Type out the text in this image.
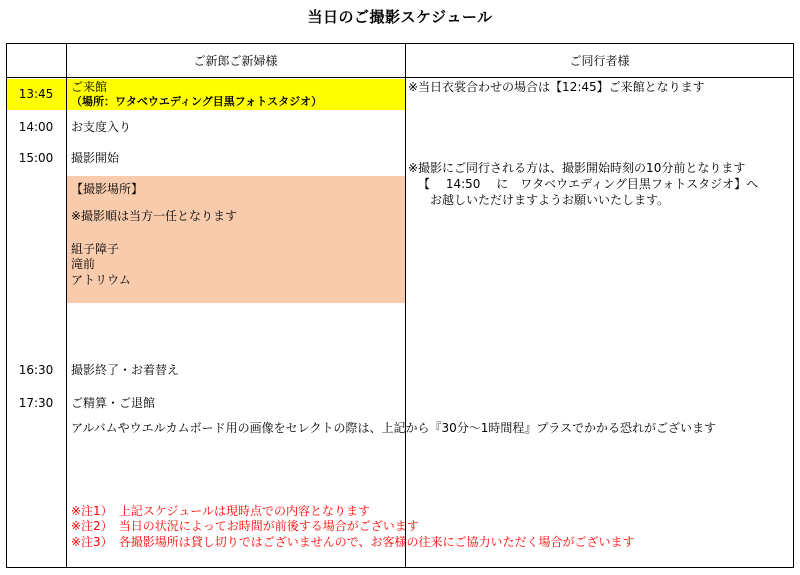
当日のご撮影スケジュール
ご新郎ご新婦様	ご同行者様
13:45
14:00
15:00
16:30
17:30
ご来館
（場所：ワタベウエディング目黒フォトスタジオ）
お支度入り
撮影開始
【撮影場所】
※撮影順は当方一任となります
組子障子
滝前
アトリウム
撮影終了・お着替え
ご精算・ご退館
※当日衣裳合わせの場合は【12:45】ご来館となります
※撮影にご同行される方は、撮影開始時刻の10分前となります
【　 14:50　 に　ワタベウエディング目黒フォトスタジオ】へ
お越しいただけますようお願いいたします。
アルバムやウエルカムボード用の画像をセレクトの際は、上記から『30分～1時間程』プラスでかかる恐れがございます
※注1）　上記スケジュールは現時点での内容となります
※注2）　当日の状況によってお時間が前後する場合がございます
※注3）　各撮影場所は貸し切りではございませんので、お客様の往来にご協力いただく場合がございます
